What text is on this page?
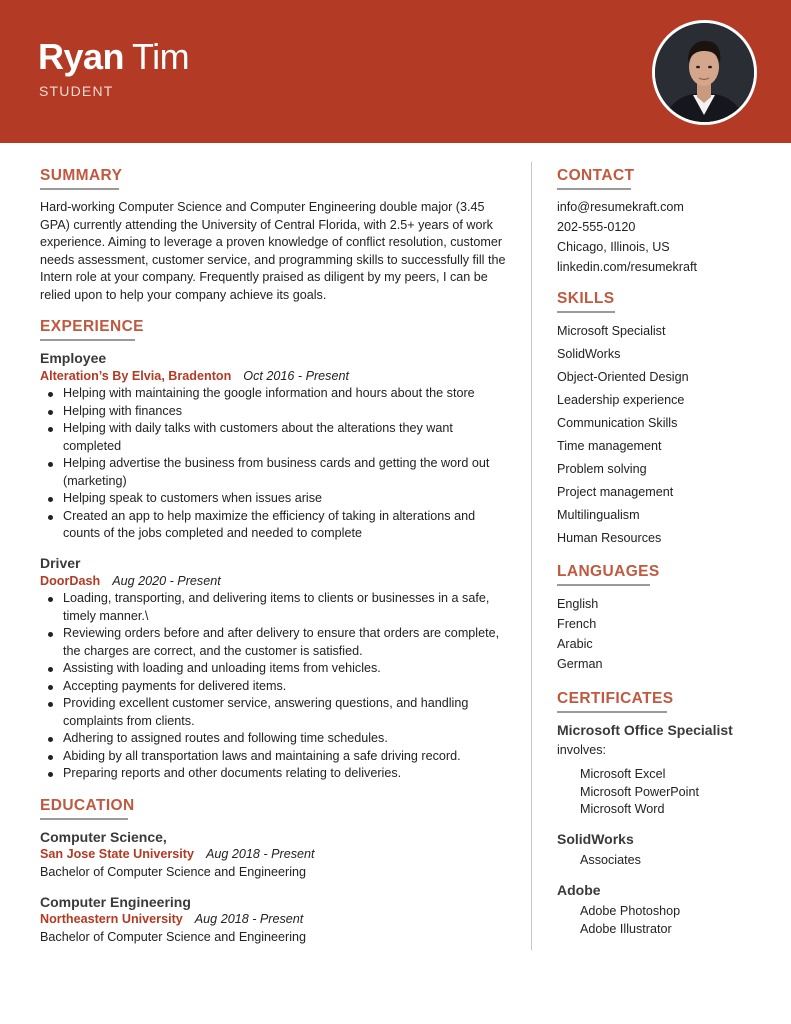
Ryan Tim
STUDENT
SUMMARY
Hard-working Computer Science and Computer Engineering double major (3.45 GPA) currently attending the University of Central Florida, with 2.5+ years of work experience. Aiming to leverage a proven knowledge of conflict resolution, customer needs assessment, customer service, and programming skills to successfully fill the Intern role at your company. Frequently praised as diligent by my peers, I can be relied upon to help your company achieve its goals.
EXPERIENCE
Employee
Alteration’s By Elvia, Bradenton Oct 2016 - Present
Helping with maintaining the google information and hours about the store
Helping with finances
Helping with daily talks with customers about the alterations they want completed
Helping advertise the business from business cards and getting the word out (marketing)
Helping speak to customers when issues arise
Created an app to help maximize the efficiency of taking in alterations and counts of the jobs completed and needed to complete
Driver
DoorDash Aug 2020 - Present
Loading, transporting, and delivering items to clients or businesses in a safe, timely manner.\
Reviewing orders before and after delivery to ensure that orders are complete, the charges are correct, and the customer is satisfied.
Assisting with loading and unloading items from vehicles.
Accepting payments for delivered items.
Providing excellent customer service, answering questions, and handling complaints from clients.
Adhering to assigned routes and following time schedules.
Abiding by all transportation laws and maintaining a safe driving record.
Preparing reports and other documents relating to deliveries.
EDUCATION
Computer Science,
San Jose State University Aug 2018 - Present
Bachelor of Computer Science and Engineering
Computer Engineering
Northeastern University Aug 2018 - Present
Bachelor of Computer Science and Engineering
CONTACT
info@resumekraft.com
202-555-0120
Chicago, Illinois, US
linkedin.com/resumekraft
SKILLS
Microsoft Specialist
SolidWorks
Object-Oriented Design
Leadership experience
Communication Skills
Time management
Problem solving
Project management
Multilingualism
Human Resources
LANGUAGES
English
French
Arabic
German
CERTIFICATES
Microsoft Office Specialist
involves:
Microsoft Excel
Microsoft PowerPoint
Microsoft Word
SolidWorks
Associates
Adobe
Adobe Photoshop
Adobe Illustrator
